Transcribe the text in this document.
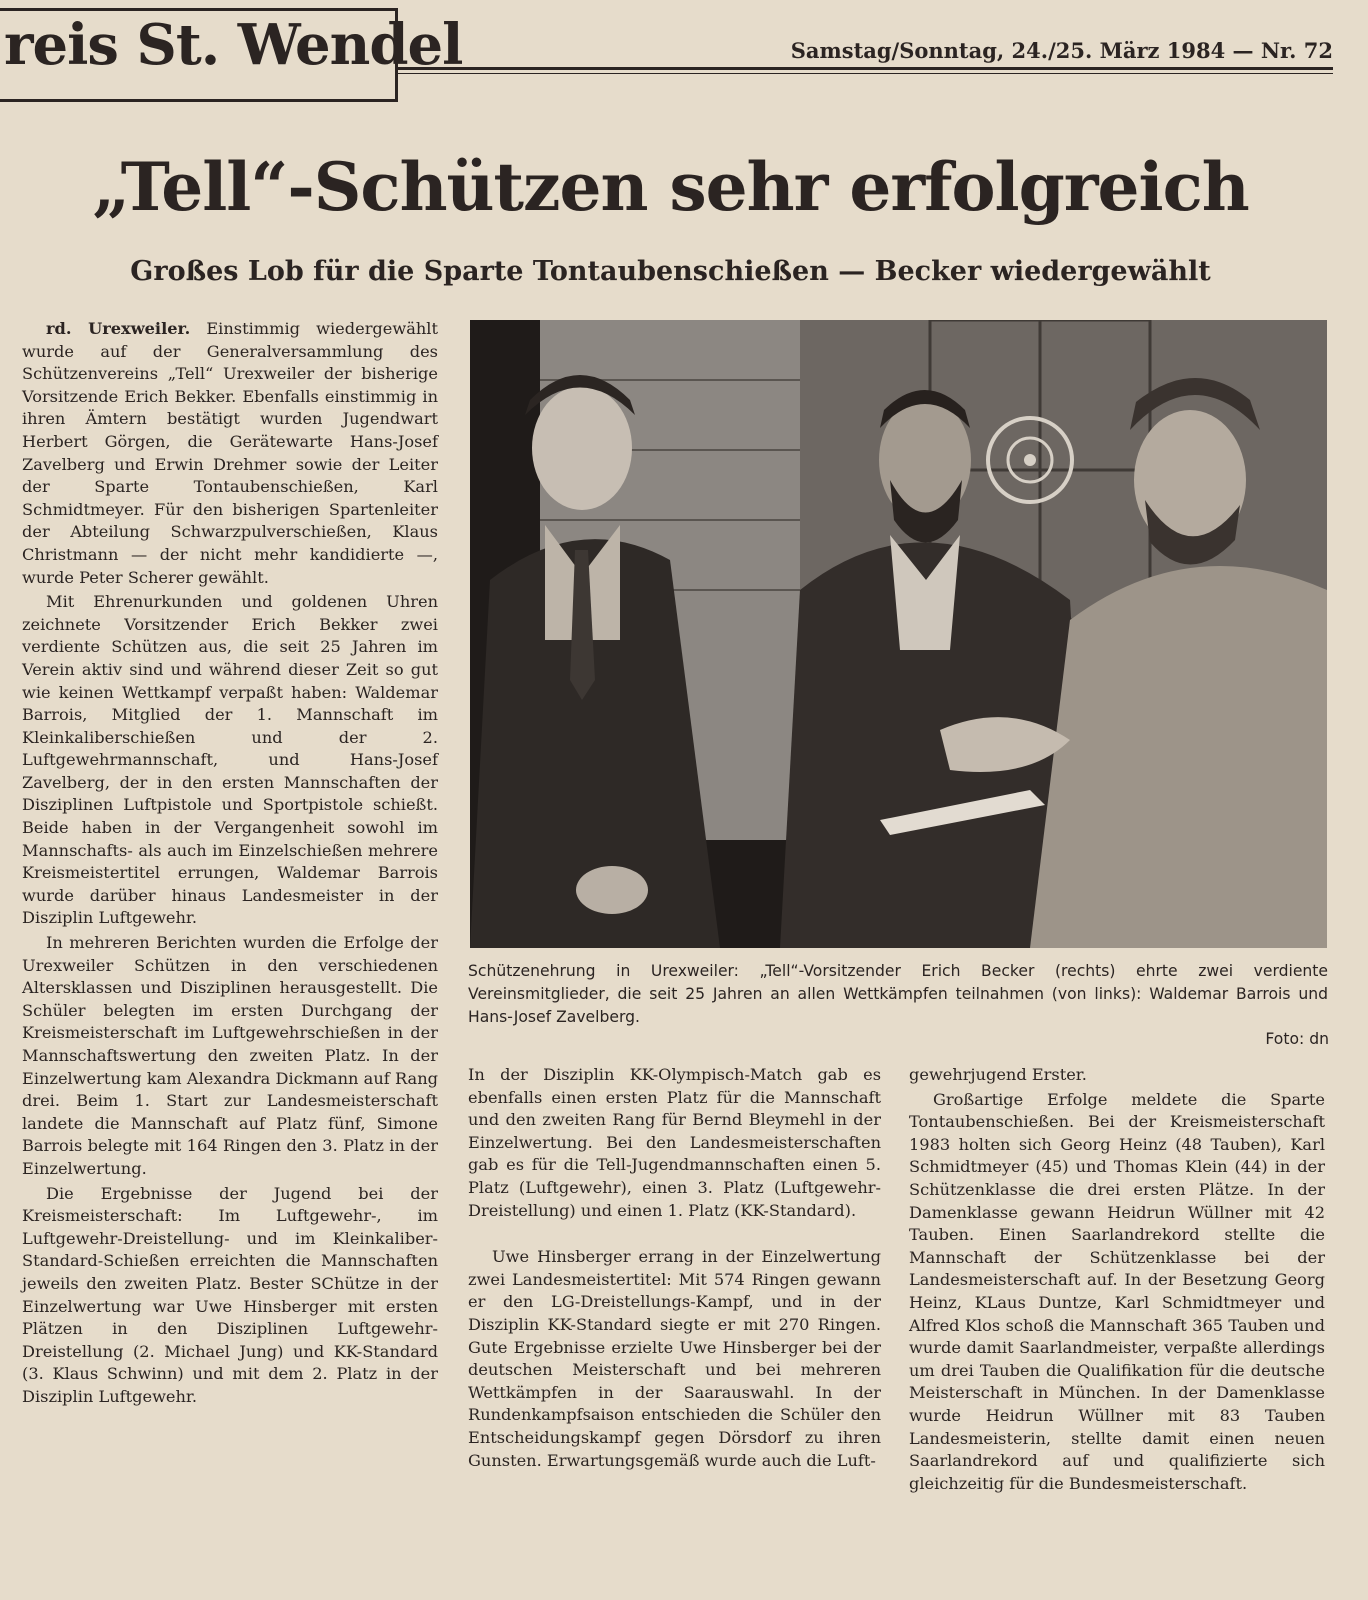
reis St. Wendel	Samstag/Sonntag, 24./25. März 1984 — Nr. 72
„Tell“-Schützen sehr erfolgreich
Großes Lob für die Sparte Tontaubenschießen — Becker wiedergewählt

rd. Urexweiler. Einstimmig wiedergewählt wurde auf der Generalversammlung des Schützenvereins „Tell“ Urexweiler der bisherige Vorsitzende Erich Bekker. Ebenfalls einstimmig in ihren Ämtern bestätigt wurden Jugendwart Herbert Görgen, die Gerätewarte Hans-Josef Zavelberg und Erwin Drehmer sowie der Leiter der Sparte Tontaubenschießen, Karl Schmidtmeyer. Für den bisherigen Spartenleiter der Abteilung Schwarzpulverschießen, Klaus Christmann — der nicht mehr kandidierte —, wurde Peter Scherer gewählt.

Mit Ehrenurkunden und goldenen Uhren zeichnete Vorsitzender Erich Bekker zwei verdiente Schützen aus, die seit 25 Jahren im Verein aktiv sind und während dieser Zeit so gut wie keinen Wettkampf verpaßt haben: Waldemar Barrois, Mitglied der 1. Mannschaft im Kleinkaliberschießen und der 2. Luftgewehrmannschaft, und Hans-Josef Zavelberg, der in den ersten Mannschaften der Disziplinen Luftpistole und Sportpistole schießt. Beide haben in der Vergangenheit sowohl im Mannschafts- als auch im Einzelschießen mehrere Kreismeistertitel errungen, Waldemar Barrois wurde darüber hinaus Landesmeister in der Disziplin Luftgewehr.

In mehreren Berichten wurden die Erfolge der Urexweiler Schützen in den verschiedenen Altersklassen und Disziplinen herausgestellt. Die Schüler belegten im ersten Durchgang der Kreismeisterschaft im Luftgewehrschießen in der Mannschaftswertung den zweiten Platz. In der Einzelwertung kam Alexandra Dickmann auf Rang drei. Beim 1. Start zur Landesmeisterschaft landete die Mannschaft auf Platz fünf, Simone Barrois belegte mit 164 Ringen den 3. Platz in der Einzelwertung.

Die Ergebnisse der Jugend bei der Kreismeisterschaft: Im Luftgewehr-, im Luftgewehr-Dreistellung- und im Kleinkaliber-Standard-Schießen erreichten die Mannschaften jeweils den zweiten Platz. Bester SChütze in der Einzelwertung war Uwe Hinsberger mit ersten Plätzen in den Disziplinen Luftgewehr-Dreistellung (2. Michael Jung) und KK-Standard (3. Klaus Schwinn) und mit dem 2. Platz in der Disziplin Luftgewehr.

Schützenehrung in Urexweiler: „Tell“-Vorsitzender Erich Becker (rechts) ehrte zwei verdiente Vereinsmitglieder, die seit 25 Jahren an allen Wettkämpfen teilnahmen (von links): Waldemar Barrois und Hans-Josef Zavelberg.
Foto: dn

In der Disziplin KK-Olympisch-Match gab es ebenfalls einen ersten Platz für die Mannschaft und den zweiten Rang für Bernd Bleymehl in der Einzelwertung. Bei den Landesmeisterschaften gab es für die Tell-Jugendmannschaften einen 5. Platz (Luftgewehr), einen 3. Platz (Luftgewehr-Dreistellung) und einen 1. Platz (KK-Standard).

Uwe Hinsberger errang in der Einzelwertung zwei Landesmeistertitel: Mit 574 Ringen gewann er den LG-Dreistellungs-Kampf, und in der Disziplin KK-Standard siegte er mit 270 Ringen. Gute Ergebnisse erzielte Uwe Hinsberger bei der deutschen Meisterschaft und bei mehreren Wettkämpfen in der Saarauswahl. In der Rundenkampfsaison entschieden die Schüler den Entscheidungskampf gegen Dörsdorf zu ihren Gunsten. Erwartungsgemäß wurde auch die Luft-

gewehrjugend Erster.

Großartige Erfolge meldete die Sparte Tontaubenschießen. Bei der Kreismeisterschaft 1983 holten sich Georg Heinz (48 Tauben), Karl Schmidtmeyer (45) und Thomas Klein (44) in der Schützenklasse die drei ersten Plätze. In der Damenklasse gewann Heidrun Wüllner mit 42 Tauben. Einen Saarlandrekord stellte die Mannschaft der Schützenklasse bei der Landesmeisterschaft auf. In der Besetzung Georg Heinz, KLaus Duntze, Karl Schmidtmeyer und Alfred Klos schoß die Mannschaft 365 Tauben und wurde damit Saarlandmeister, verpaßte allerdings um drei Tauben die Qualifikation für die deutsche Meisterschaft in München. In der Damenklasse wurde Heidrun Wüllner mit 83 Tauben Landesmeisterin, stellte damit einen neuen Saarlandrekord auf und qualifizierte sich gleichzeitig für die Bundesmeisterschaft.
